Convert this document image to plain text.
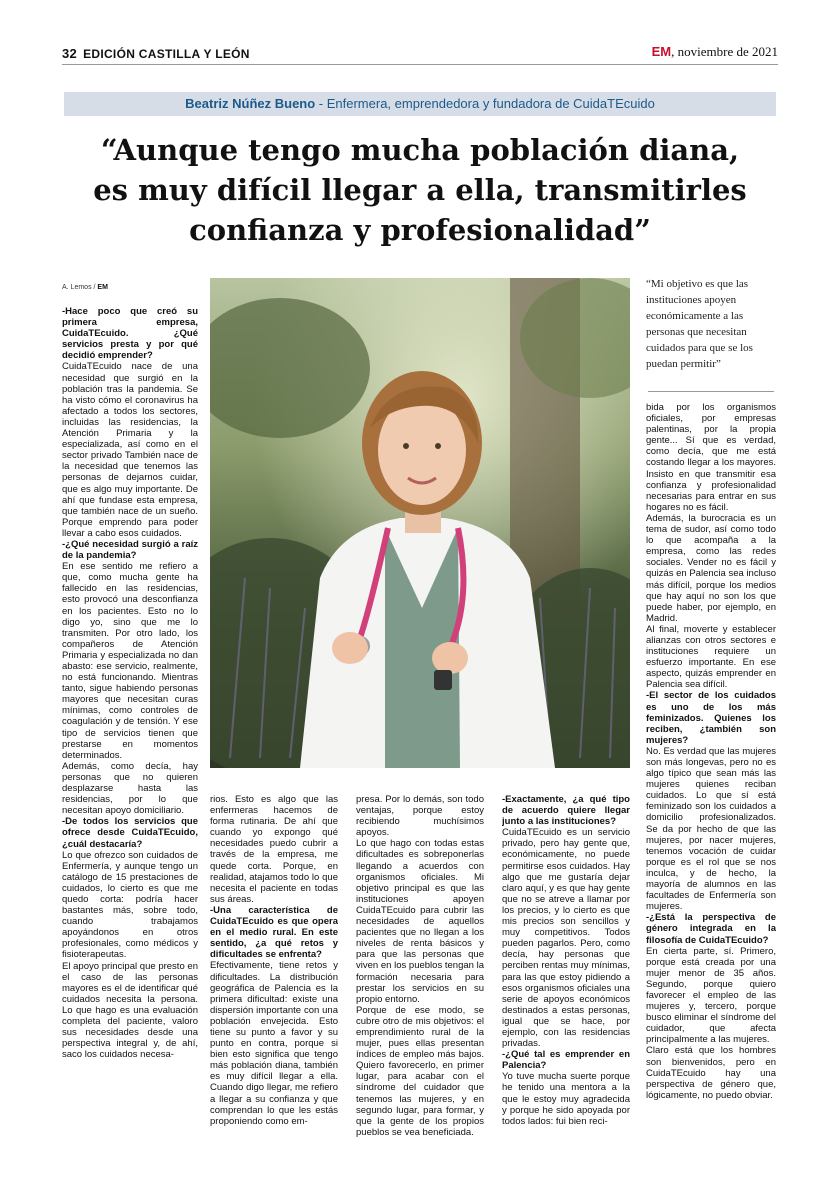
32 EDICIÓN CASTILLA Y LEÓN	EM, noviembre de 2021
Beatriz Núñez Bueno - Enfermera, emprendedora y fundadora de CuidaTEcuido
“Aunque tengo mucha población diana,
es muy difícil llegar a ella, transmitirles
confianza y profesionalidad”
A. Lemos / EM

-Hace poco que creó su primera empresa, CuidaTEcuido. ¿Qué servicios presta y por qué decidió emprender?

CuidaTEcuido nace de una necesidad que surgió en la población tras la pandemia. Se ha visto cómo el coronavirus ha afectado a todos los sectores, incluidas las residencias, la Atención Primaria y la especializada, así como en el sector privado También nace de la necesidad que tenemos las personas de dejarnos cuidar, que es algo muy importante. De ahí que fundase esta empresa, que también nace de un sueño. Porque emprendo para poder llevar a cabo esos cuidados.

-¿Qué necesidad surgió a raíz de la pandemia?

En ese sentido me refiero a que, como mucha gente ha fallecido en las residencias, esto provocó una desconfianza en los pacientes. Esto no lo digo yo, sino que me lo transmiten. Por otro lado, los compañeros de Atención Primaria y especializada no dan abasto: ese servicio, realmente, no está funcionando. Mientras tanto, sigue habiendo personas mayores que necesitan curas mínimas, como controles de coagulación y de tensión. Y ese tipo de servicios tienen que prestarse en momentos determinados.

Además, como decía, hay personas que no quieren desplazarse hasta las residencias, por lo que necesitan apoyo domiciliario.

-De todos los servicios que ofrece desde CuidaTEcuido, ¿cuál destacaría?

Lo que ofrezco son cuidados de Enfermería, y aunque tengo un catálogo de 15 prestaciones de cuidados, lo cierto es que me quedo corta: podría hacer bastantes más, sobre todo, cuando trabajamos apoyándonos en otros profesionales, como médicos y fisioterapeutas.

El apoyo principal que presto en el caso de las personas mayores es el de identificar qué cuidados necesita la persona. Lo que hago es una evaluación completa del paciente, valoro sus necesidades desde una perspectiva integral y, de ahí, saco los cuidados necesa-

“Mi objetivo es que las instituciones apoyen económicamente a las personas que necesitan cuidados para que se los puedan permitir”

rios. Esto es algo que las enfermeras hacemos de forma rutinaria. De ahí que cuando yo expongo qué necesidades puedo cubrir a través de la empresa, me quede corta. Porque, en realidad, atajamos todo lo que necesita el paciente en todas sus áreas.

-Una característica de CuidaTEcuido es que opera en el medio rural. En este sentido, ¿a qué retos y dificultades se enfrenta?

Efectivamente, tiene retos y dificultades. La distribución geográfica de Palencia es la primera dificultad: existe una dispersión importante con una población envejecida. Esto tiene su punto a favor y su punto en contra, porque si bien esto significa que tengo más población diana, también es muy difícil llegar a ella. Cuando digo llegar, me refiero a llegar a su confianza y que comprendan lo que les estás proponiendo como em-

presa. Por lo demás, son todo ventajas, porque estoy recibiendo muchísimos apoyos.

Lo que hago con todas estas dificultades es sobreponerlas llegando a acuerdos con organismos oficiales. Mi objetivo principal es que las instituciones apoyen CuidaTEcuido para cubrir las necesidades de aquellos pacientes que no llegan a los niveles de renta básicos y para que las personas que viven en los pueblos tengan la formación necesaria para prestar los servicios en su propio entorno.

Porque de ese modo, se cubre otro de mis objetivos: el emprendimiento rural de la mujer, pues ellas presentan índices de empleo más bajos. Quiero favorecerlo, en primer lugar, para acabar con el síndrome del cuidador que tenemos las mujeres, y en segundo lugar, para formar, y que la gente de los propios pueblos se vea beneficiada.

-Exactamente, ¿a qué tipo de acuerdo quiere llegar junto a las instituciones?

CuidaTEcuido es un servicio privado, pero hay gente que, económicamente, no puede permitirse esos cuidados. Hay algo que me gustaría dejar claro aquí, y es que hay gente que no se atreve a llamar por los precios, y lo cierto es que mis precios son sencillos y muy competitivos. Todos pueden pagarlos. Pero, como decía, hay personas que perciben rentas muy mínimas, para las que estoy pidiendo a esos organismos oficiales una serie de apoyos económicos destinados a estas personas, igual que se hace, por ejemplo, con las residencias privadas.

-¿Qué tal es emprender en Palencia?

Yo tuve mucha suerte porque he tenido una mentora a la que le estoy muy agradecida y porque he sido apoyada por todos lados: fui bien reci-

bida por los organismos oficiales, por empresas palentinas, por la propia gente... Sí que es verdad, como decía, que me está costando llegar a los mayores. Insisto en que transmitir esa confianza y profesionalidad necesarias para entrar en sus hogares no es fácil.

Además, la burocracia es un tema de sudor, así como todo lo que acompaña a la empresa, como las redes sociales. Vender no es fácil y quizás en Palencia sea incluso más difícil, porque los medios que hay aquí no son los que puede haber, por ejemplo, en Madrid.

Al final, moverte y establecer alianzas con otros sectores e instituciones requiere un esfuerzo importante. En ese aspecto, quizás emprender en Palencia sea difícil.

-El sector de los cuidados es uno de los más feminizados. Quienes los reciben, ¿también son mujeres?

No. Es verdad que las mujeres son más longevas, pero no es algo típico que sean más las mujeres quienes reciban cuidados. Lo que sí está feminizado son los cuidados a domicilio profesionalizados. Se da por hecho de que las mujeres, por nacer mujeres, tenemos vocación de cuidar porque es el rol que se nos inculca, y de hecho, la mayoría de alumnos en las facultades de Enfermería son mujeres.

-¿Está la perspectiva de género integrada en la filosofía de CuidaTEcuido?

En cierta parte, sí. Primero, porque está creada por una mujer menor de 35 años. Segundo, porque quiero favorecer el empleo de las mujeres y, tercero, porque busco eliminar el síndrome del cuidador, que afecta principalmente a las mujeres.

Claro está que los hombres son bienvenidos, pero en CuidaTEcuido hay una perspectiva de género que, lógicamente, no puedo obviar.
